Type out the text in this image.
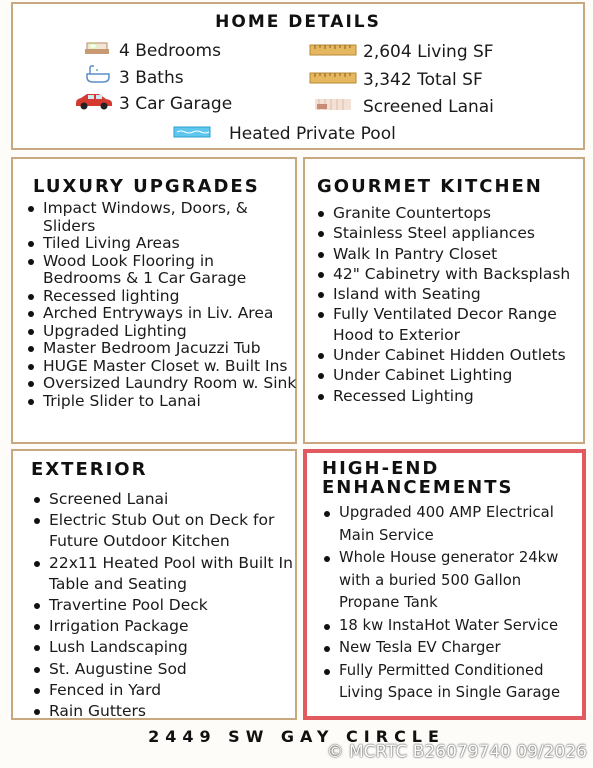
HOME DETAILS
4 Bedrooms
3 Baths
3 Car Garage
2,604 Living SF
3,342 Total SF
Screened Lanai
Heated Private Pool
LUXURY UPGRADES
Impact Windows, Doors, & Sliders
Tiled Living Areas
Wood Look Flooring in Bedrooms & 1 Car Garage
Recessed lighting
Arched Entryways in Liv. Area
Upgraded Lighting
Master Bedroom Jacuzzi Tub
HUGE Master Closet w. Built Ins
Oversized Laundry Room w. Sink
Triple Slider to Lanai
GOURMET KITCHEN
Granite Countertops
Stainless Steel appliances
Walk In Pantry Closet
42" Cabinetry with Backsplash
Island with Seating
Fully Ventilated Decor Range Hood to Exterior
Under Cabinet Hidden Outlets
Under Cabinet Lighting
Recessed Lighting
EXTERIOR
Screened Lanai
Electric Stub Out on Deck for Future Outdoor Kitchen
22x11 Heated Pool with Built In Table and Seating
Travertine Pool Deck
Irrigation Package
Lush Landscaping
St. Augustine Sod
Fenced in Yard
Rain Gutters
HIGH-END
ENHANCEMENTS
Upgraded 400 AMP Electrical Main Service
Whole House generator 24kw with a buried 500 Gallon Propane Tank
18 kw InstaHot Water Service
New Tesla EV Charger
Fully Permitted Conditioned Living Space in Single Garage
2449 SW GAY CIRCLE
© MCRTC B26079740 09/2026
